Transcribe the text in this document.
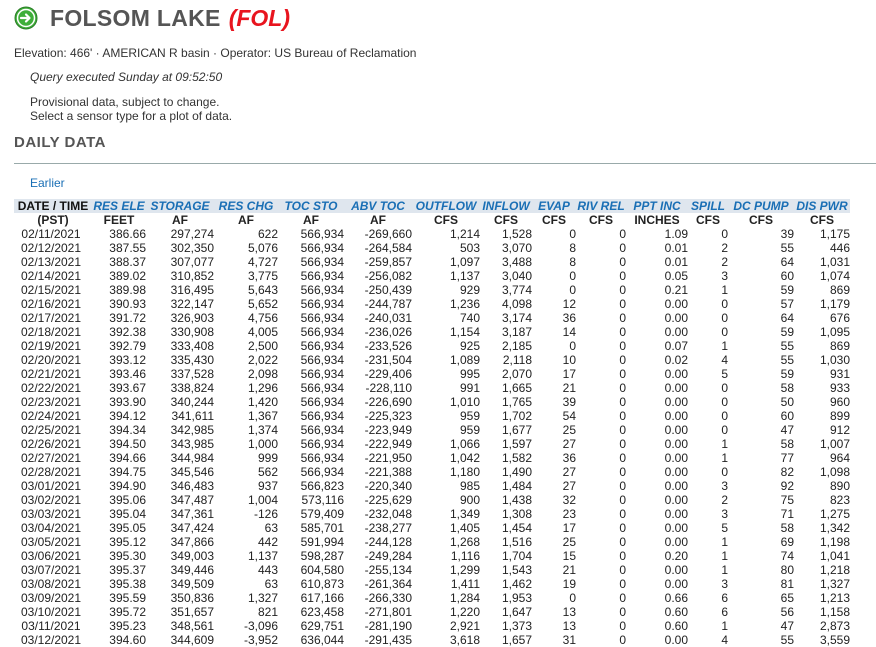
FOLSOM LAKE (FOL)
Elevation: 466' · AMERICAN R basin · Operator: US Bureau of Reclamation
Query executed Sunday at 09:52:50
Provisional data, subject to change.
Select a sensor type for a plot of data.
DAILY DATA
Earlier
DATE / TIME	RES ELE	STORAGE	RES CHG	TOC STO	ABV TOC	OUTFLOW	INFLOW	EVAP	RIV REL	PPT INC	SPILL	DC PUMP	DIS PWR
(PST)	FEET	AF	AF	AF	AF	CFS	CFS	CFS	CFS	INCHES	CFS	CFS	CFS
02/11/2021	386.66	297,274	622	566,934	-269,660	1,214	1,528	0	0	1.09	0	39	1,175
02/12/2021	387.55	302,350	5,076	566,934	-264,584	503	3,070	8	0	0.01	2	55	446
02/13/2021	388.37	307,077	4,727	566,934	-259,857	1,097	3,488	8	0	0.01	2	64	1,031
02/14/2021	389.02	310,852	3,775	566,934	-256,082	1,137	3,040	0	0	0.05	3	60	1,074
02/15/2021	389.98	316,495	5,643	566,934	-250,439	929	3,774	0	0	0.21	1	59	869
02/16/2021	390.93	322,147	5,652	566,934	-244,787	1,236	4,098	12	0	0.00	0	57	1,179
02/17/2021	391.72	326,903	4,756	566,934	-240,031	740	3,174	36	0	0.00	0	64	676
02/18/2021	392.38	330,908	4,005	566,934	-236,026	1,154	3,187	14	0	0.00	0	59	1,095
02/19/2021	392.79	333,408	2,500	566,934	-233,526	925	2,185	0	0	0.07	1	55	869
02/20/2021	393.12	335,430	2,022	566,934	-231,504	1,089	2,118	10	0	0.02	4	55	1,030
02/21/2021	393.46	337,528	2,098	566,934	-229,406	995	2,070	17	0	0.00	5	59	931
02/22/2021	393.67	338,824	1,296	566,934	-228,110	991	1,665	21	0	0.00	0	58	933
02/23/2021	393.90	340,244	1,420	566,934	-226,690	1,010	1,765	39	0	0.00	0	50	960
02/24/2021	394.12	341,611	1,367	566,934	-225,323	959	1,702	54	0	0.00	0	60	899
02/25/2021	394.34	342,985	1,374	566,934	-223,949	959	1,677	25	0	0.00	0	47	912
02/26/2021	394.50	343,985	1,000	566,934	-222,949	1,066	1,597	27	0	0.00	1	58	1,007
02/27/2021	394.66	344,984	999	566,934	-221,950	1,042	1,582	36	0	0.00	1	77	964
02/28/2021	394.75	345,546	562	566,934	-221,388	1,180	1,490	27	0	0.00	0	82	1,098
03/01/2021	394.90	346,483	937	566,823	-220,340	985	1,484	27	0	0.00	3	92	890
03/02/2021	395.06	347,487	1,004	573,116	-225,629	900	1,438	32	0	0.00	2	75	823
03/03/2021	395.04	347,361	-126	579,409	-232,048	1,349	1,308	23	0	0.00	3	71	1,275
03/04/2021	395.05	347,424	63	585,701	-238,277	1,405	1,454	17	0	0.00	5	58	1,342
03/05/2021	395.12	347,866	442	591,994	-244,128	1,268	1,516	25	0	0.00	1	69	1,198
03/06/2021	395.30	349,003	1,137	598,287	-249,284	1,116	1,704	15	0	0.20	1	74	1,041
03/07/2021	395.37	349,446	443	604,580	-255,134	1,299	1,543	21	0	0.00	1	80	1,218
03/08/2021	395.38	349,509	63	610,873	-261,364	1,411	1,462	19	0	0.00	3	81	1,327
03/09/2021	395.59	350,836	1,327	617,166	-266,330	1,284	1,953	0	0	0.66	6	65	1,213
03/10/2021	395.72	351,657	821	623,458	-271,801	1,220	1,647	13	0	0.60	6	56	1,158
03/11/2021	395.23	348,561	-3,096	629,751	-281,190	2,921	1,373	13	0	0.60	1	47	2,873
03/12/2021	394.60	344,609	-3,952	636,044	-291,435	3,618	1,657	31	0	0.00	4	55	3,559
